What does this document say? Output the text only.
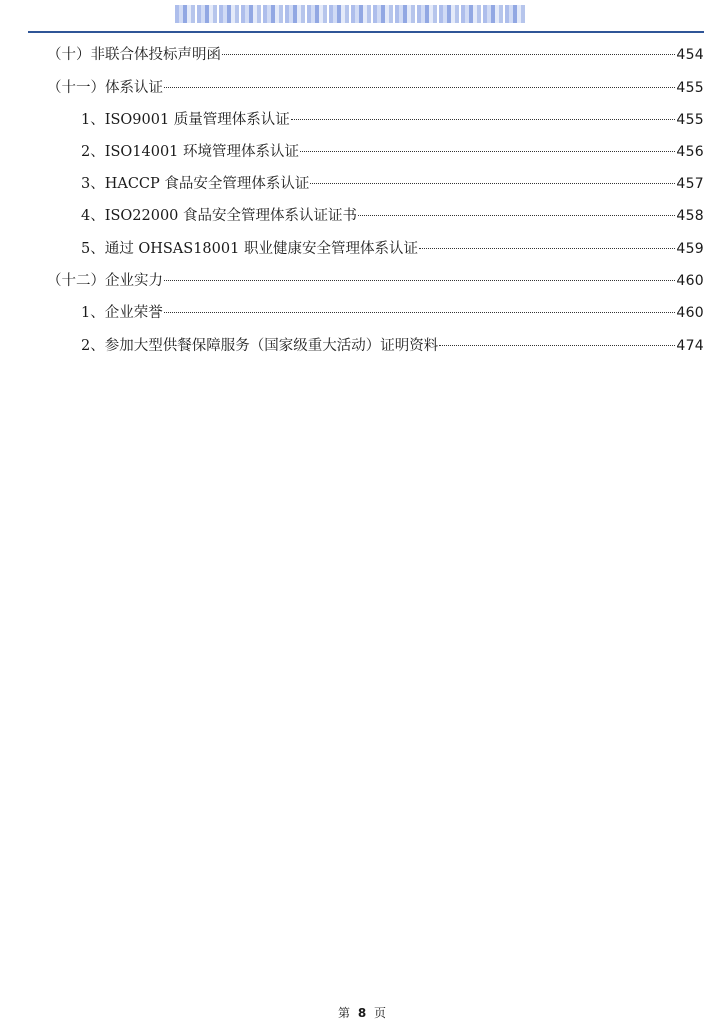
（十）非联合体投标声明函	454
（十一）体系认证	455
1、ISO9001 质量管理体系认证	455
2、ISO14001 环境管理体系认证	456
3、HACCP 食品安全管理体系认证	457
4、ISO22000 食品安全管理体系认证证书	458
5、通过 OHSAS18001 职业健康安全管理体系认证	459
（十二）企业实力	460
1、企业荣誉	460
2、参加大型供餐保障服务（国家级重大活动）证明资料	474
第 8 页
